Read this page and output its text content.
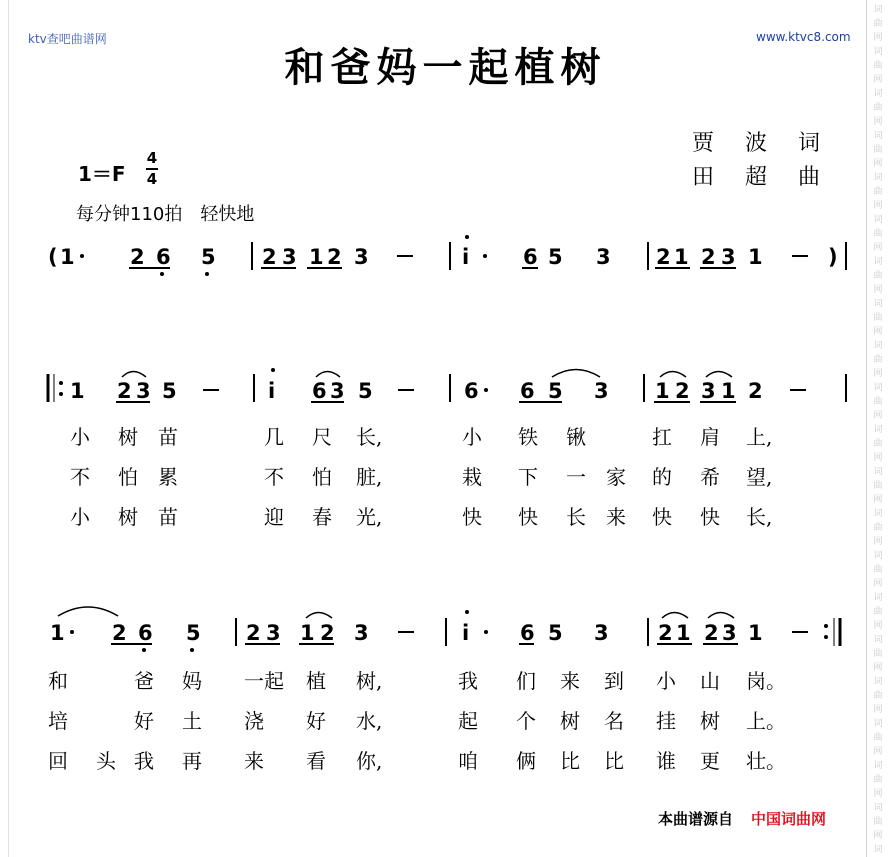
词
曲
网
词
曲
网
词
曲
网
词
曲
网
词
曲
网
词
曲
网
词
曲
网
词
曲
网
词
曲
网
词
曲
网
词
曲
网
词
曲
网
词
曲
网
词
曲
网
词
曲
网
词
曲
网
词
曲
网
词
曲
网
词
曲
网
词
曲
网
词
ktv查吧曲谱网	www.ktvc8.com
和爸妈一起植树
贾 波 词
田 超 曲
1＝F
4
4
每分钟110拍　轻快地
( 1	2 6 5 2 3 1 2 3	i	6 5 3 2 1 2 3 1	)
1 2 3 5	i 6 3 5	6 6 5 3 1 2 3 1 2
小 树 苗	几 尺 长,	小 铁 锹	扛 肩 上,
不 怕 累	不 怕 脏,	栽 下 一 家 的 希 望,
小 树 苗	迎 春 光,	快 快 长 来 快 快 长,
1 2 6 5 2 3 1 2 3	i 6 5 3 2 1 2 3 1
和	爸 妈 一起 植 树,	我 们 来 到 小 山 岗。
培	好 土 浇 好 水,	起 个 树 名 挂 树 上。
回 头 我 再 来 看 你,	咱 俩 比 比 谁 更 壮。
本曲谱源自 中国词曲网
